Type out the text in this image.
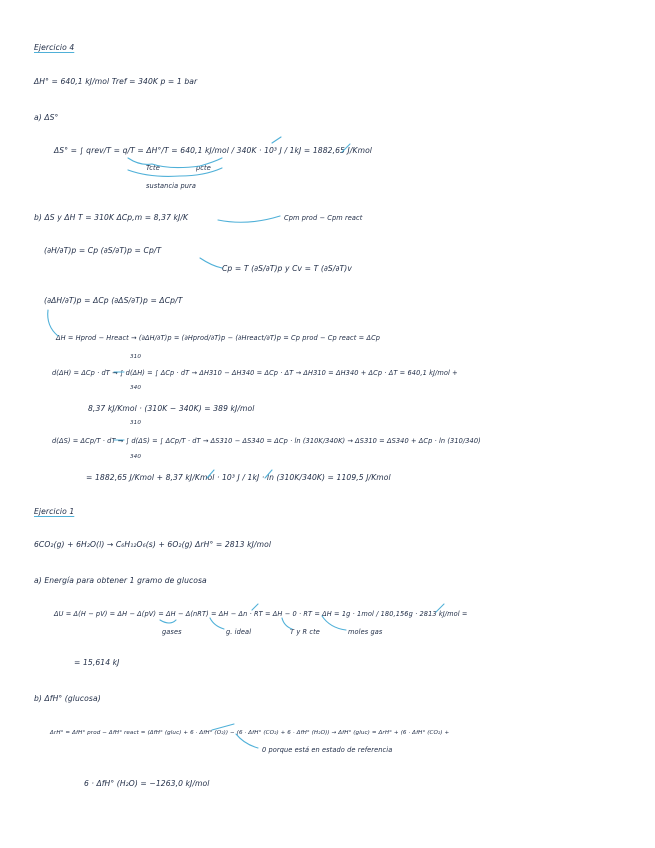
Ejercicio 4
ΔH° = 640,1 kJ/mol Tref = 340K p = 1 bar
a) ΔS°
ΔS° = ∫ qrev/T = q/T = ΔH°/T = 640,1 kJ/mol / 340K · 10³ J / 1kJ = 1882,65 J/Kmol
Tcte	pcte
sustancia pura
b) ΔS y ΔH T = 310K ΔCp,m = 8,37 kJ/K	Cpm prod − Cpm react
(∂H/∂T)p = Cp (∂S/∂T)p = Cp/T
Cp = T (∂S/∂T)p y Cv = T (∂S/∂T)v
(∂ΔH/∂T)p = ΔCp (∂ΔS/∂T)p = ΔCp/T
ΔH = Hprod − Hreact → (∂ΔH/∂T)p = (∂Hprod/∂T)p − (∂Hreact/∂T)p = Cp prod − Cp react = ΔCp
310
340
d(ΔH) = ΔCp · dT → ∫ d(ΔH) = ∫ ΔCp · dT → ΔH310 − ΔH340 = ΔCp · ΔT → ΔH310 = ΔH340 + ΔCp · ΔT = 640,1 kJ/mol +
8,37 kJ/Kmol · (310K − 340K) = 389 kJ/mol
310
340
d(ΔS) = ΔCp/T · dT → ∫ d(ΔS) = ∫ ΔCp/T · dT → ΔS310 − ΔS340 = ΔCp · ln (310K/340K) → ΔS310 = ΔS340 + ΔCp · ln (310/340)
= 1882,65 J/Kmol + 8,37 kJ/Kmol · 10³ J / 1kJ · ln (310K/340K) = 1109,5 J/Kmol
Ejercicio 1
6CO₂(g) + 6H₂O(l) → C₆H₁₂O₆(s) + 6O₂(g) ΔrH° = 2813 kJ/mol
a) Energía para obtener 1 gramo de glucosa
ΔU = Δ(H − pV) = ΔH − Δ(pV) = ΔH − Δ(nRT) = ΔH − Δn · RT = ΔH − 0 · RT = ΔH = 1g · 1mol / 180,156g · 2813 kJ/mol =
gases	g. ideal	T y R cte	moles gas
= 15,614 kJ
b) ΔfH° (glucosa)
ΔrH° = ΔfH° prod − ΔfH° react = (ΔfH° (gluc) + 6 · ΔfH° (O₂)) − (6 · ΔfH° (CO₂) + 6 · ΔfH° (H₂O)) → ΔfH° (gluc) = ΔrH° + (6 · ΔfH° (CO₂) +
0 porque está en estado de referencia
6 · ΔfH° (H₂O) = −1263,0 kJ/mol
